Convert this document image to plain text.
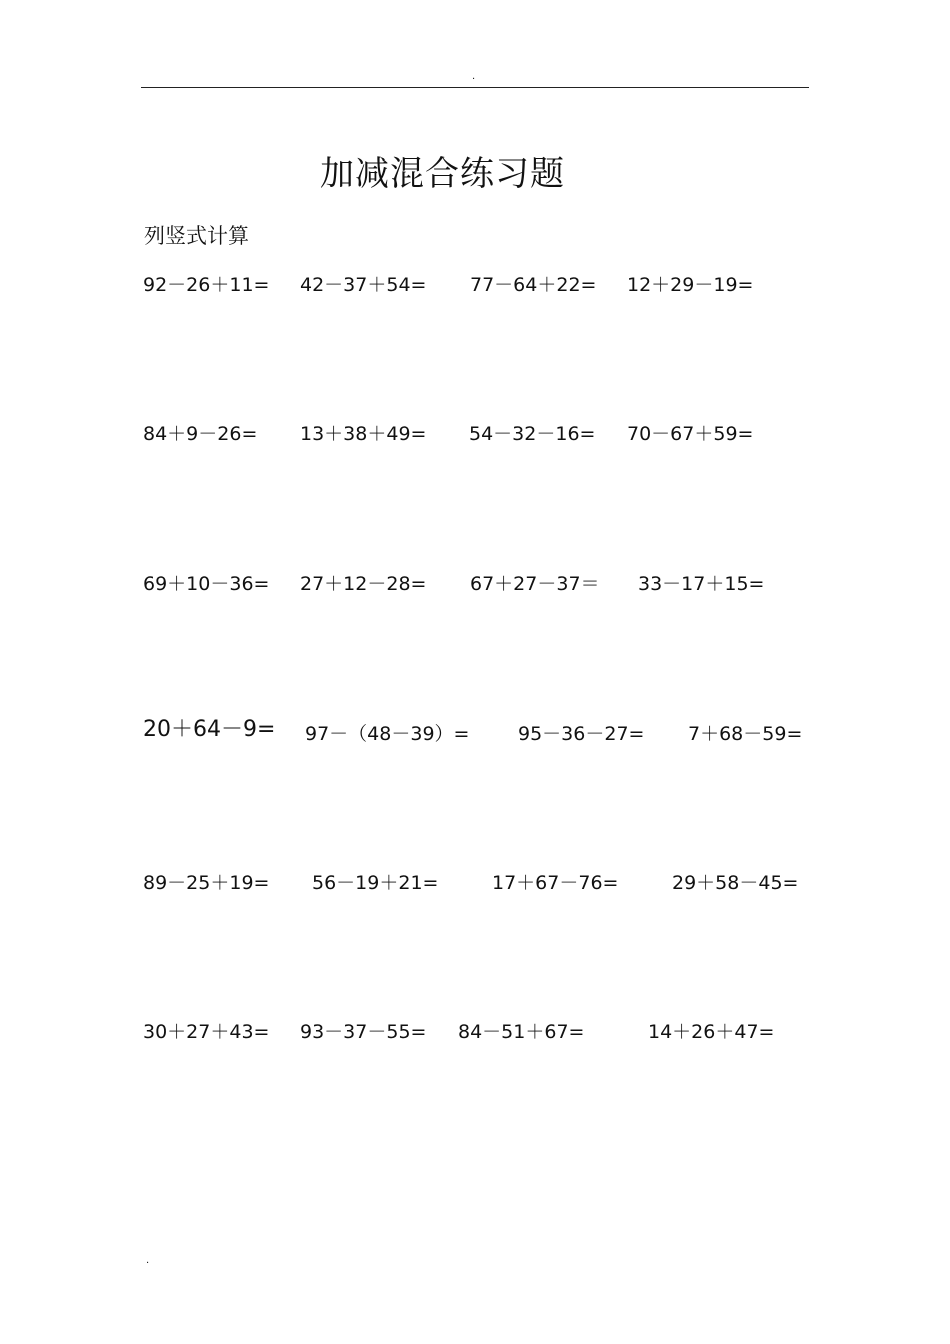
.
加减混合练习题
列竖式计算
92－26＋11= 42－37＋54= 77－64＋22= 12＋29－19=
84＋9－26= 13＋38＋49= 54－32－16= 70－67＋59=
69＋10－36= 27＋12－28= 67＋27－37＝ 33－17＋15=
20＋64－9= 97－（48－39）=	95－36－27= 7＋68－59=
89－25＋19= 56－19＋21=	17＋67－76=	29＋58－45=
30＋27＋43= 93－37－55= 84－51＋67=	14＋26＋47=
.
